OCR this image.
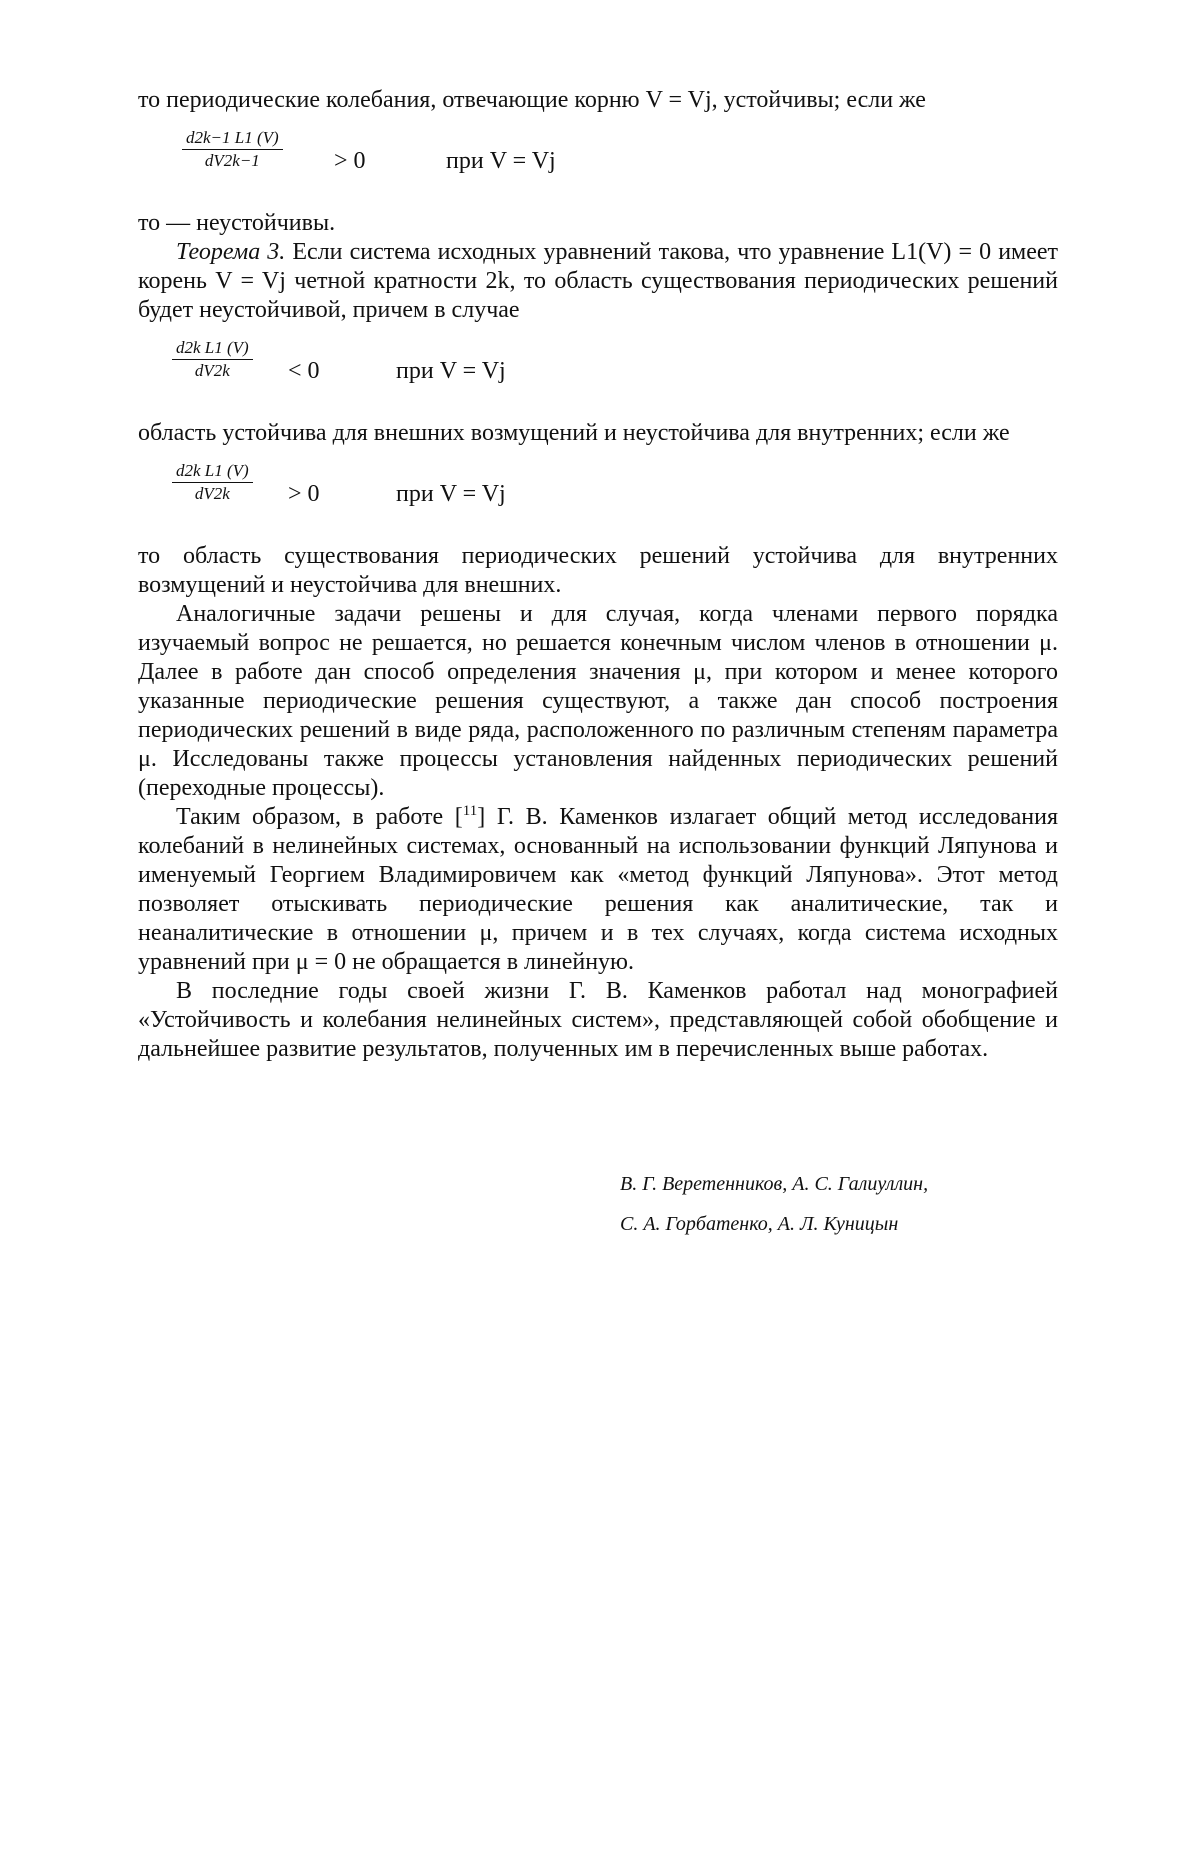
то периодические колебания, отвечающие корню V = Vj, устойчивы; если же

$\frac{d2k-1 L1 (V)}{dV2k-1} > 0$	при V = Vj

то — неустойчивы.

Теорема 3. Если система исходных уравнений такова, что уравнение L1(V) = 0 имеет корень V = Vj четной кратности 2k, то область существования периодических решений будет неустойчивой, причем в случае

$\frac{\text{d2k L1 (V)}}{dV2k} < 0$	при V = Vj

область устойчива для внешних возмущений и неустойчива для внутренних; если же

$\frac{\text{d2k L1 (V)}}{dV2k} > 0$	при V = Vj

то область существования периодических решений устойчива для внутренних возмущений и неустойчива для внешних.

Аналогичные задачи решены и для случая, когда членами первого порядка изучаемый вопрос не решается, но решается конечным числом членов в отношении μ. Далее в работе дан способ определения значения μ, при котором и менее которого указанные периодические решения существуют, а также дан способ построения периодических решений в виде ряда, расположенного по различным степеням параметра μ. Исследованы также процессы установления найденных периодических решений (переходные процессы).

Таким образом, в работе [$^{11}$] Г. В. Каменков излагает общий метод исследования колебаний в нелинейных системах, основанный на использовании функций Ляпунова и именуемый Георгием Владимировичем как «метод функций Ляпунова». Этот метод позволяет отыскивать периодические решения как аналитические, так и неаналитические в отношении μ, причем и в тех случаях, когда система исходных уравнений при μ = 0 не обращается в линейную.

В последние годы своей жизни Г. В. Каменков работал над монографией «Устойчивость и колебания нелинейных систем», представляющей собой обобщение и дальнейшее развитие результатов, полученных им в перечисленных выше работах.

В. Г. Веретенников, А. С. Галиуллин,
С. А. Горбатенко, А. Л. Куницын
